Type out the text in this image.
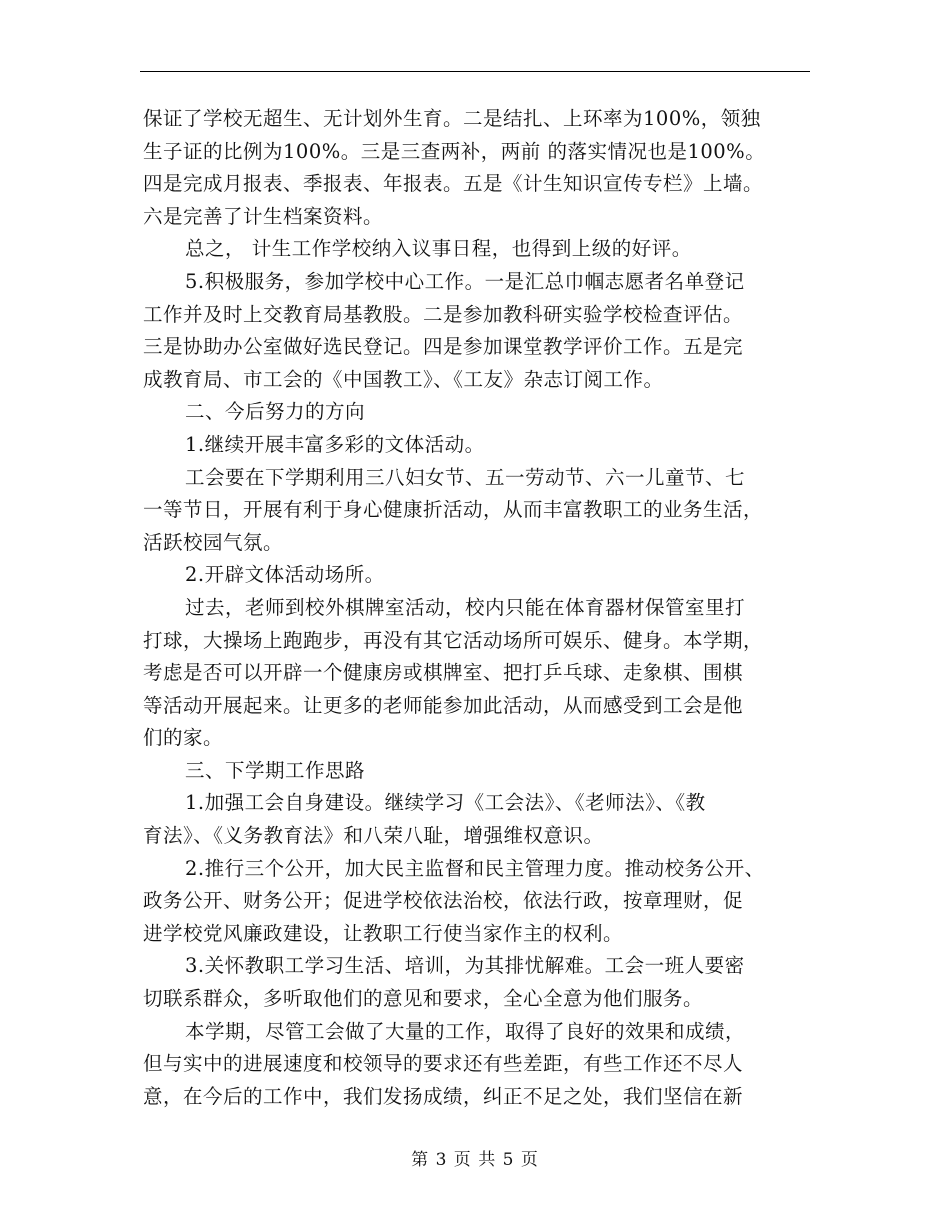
保证了学校无超生、无计划外生育。二是结扎、上环率为100%，领独
生子证的比例为100%。三是三查两补，两前 的落实情况也是100%。
四是完成月报表、季报表、年报表。五是《计生知识宣传专栏》上墙。
六是完善了计生档案资料。
总之， 计生工作学校纳入议事日程，也得到上级的好评。
5.积极服务，参加学校中心工作。一是汇总巾帼志愿者名单登记
工作并及时上交教育局基教股。二是参加教科研实验学校检查评估。
三是协助办公室做好选民登记。四是参加课堂教学评价工作。五是完
成教育局、市工会的《中国教工》、《工友》杂志订阅工作。
二、今后努力的方向
1.继续开展丰富多彩的文体活动。
工会要在下学期利用三八妇女节、五一劳动节、六一儿童节、七
一等节日，开展有利于身心健康折活动，从而丰富教职工的业务生活，
活跃校园气氛。
2.开辟文体活动场所。
过去，老师到校外棋牌室活动，校内只能在体育器材保管室里打
打球，大操场上跑跑步，再没有其它活动场所可娱乐、健身。本学期，
考虑是否可以开辟一个健康房或棋牌室、把打乒乓球、走象棋、围棋
等活动开展起来。让更多的老师能参加此活动，从而感受到工会是他
们的家。
三、下学期工作思路
1.加强工会自身建设。继续学习《工会法》、《老师法》、《教
育法》、《义务教育法》和八荣八耻，增强维权意识。
2.推行三个公开，加大民主监督和民主管理力度。推动校务公开、
政务公开、财务公开；促进学校依法治校，依法行政，按章理财，促
进学校党风廉政建设，让教职工行使当家作主的权利。
3.关怀教职工学习生活、培训，为其排忧解难。工会一班人要密
切联系群众，多听取他们的意见和要求，全心全意为他们服务。
本学期，尽管工会做了大量的工作，取得了良好的效果和成绩，
但与实中的进展速度和校领导的要求还有些差距，有些工作还不尽人
意，在今后的工作中，我们发扬成绩，纠正不足之处，我们坚信在新
第 3 页 共 5 页
